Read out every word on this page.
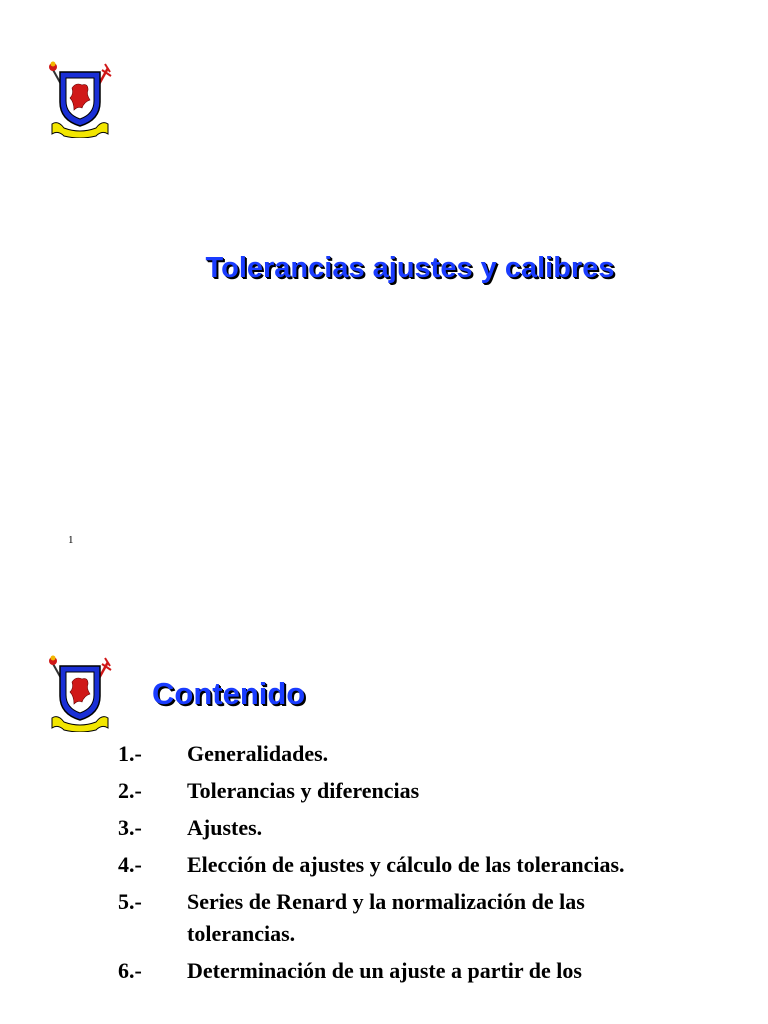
Tolerancias ajustes y calibres
1
Contenido
1.-	Generalidades.
2.-	Tolerancias y diferencias
3.-	Ajustes.
4.-	Elección de ajustes y cálculo de las tolerancias.
5.-	Series de Renard y la normalización de las tolerancias.
6.-	Determinación de un ajuste a partir de los
